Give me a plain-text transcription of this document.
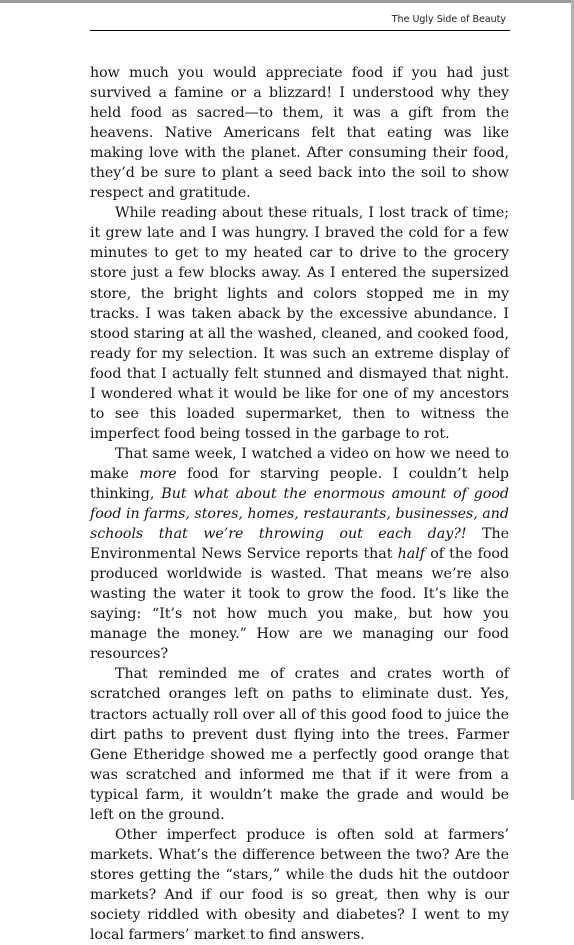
The Ugly Side of Beauty

how much you would appreciate food if you had just survived a famine or a blizzard! I understood why they held food as sacred—to them, it was a gift from the heavens. Native Americans felt that eating was like making love with the planet. After consuming their food, they’d be sure to plant a seed back into the soil to show respect and gratitude.

While reading about these rituals, I lost track of time; it grew late and I was hungry. I braved the cold for a few minutes to get to my heated car to drive to the grocery store just a few blocks away. As I entered the supersized store, the bright lights and colors stopped me in my tracks. I was taken aback by the excessive abundance. I stood staring at all the washed, cleaned, and cooked food, ready for my selection. It was such an extreme display of food that I actually felt stunned and dismayed that night. I wondered what it would be like for one of my ancestors to see this loaded supermarket, then to witness the imperfect food being tossed in the garbage to rot.

That same week, I watched a video on how we need to make more food for starving people. I couldn’t help thinking, But what about the enormous amount of good food in farms, stores, homes, restaurants, businesses, and schools that we’re throwing out each day?! The Environmental News Service reports that half of the food produced worldwide is wasted. That means we’re also wasting the water it took to grow the food. It’s like the saying: “It’s not how much you make, but how you manage the money.” How are we managing our food resources?

That reminded me of crates and crates worth of scratched oranges left on paths to eliminate dust. Yes, tractors actually roll over all of this good food to juice the dirt paths to prevent dust flying into the trees. Farmer Gene Etheridge showed me a perfectly good orange that was scratched and informed me that if it were from a typical farm, it wouldn’t make the grade and would be left on the ground.

Other imperfect produce is often sold at farmers’ markets. What’s the difference between the two? Are the stores getting the “stars,” while the duds hit the outdoor markets? And if our food is so great, then why is our society riddled with obesity and diabetes? I went to my local farmers’ market to find answers.
